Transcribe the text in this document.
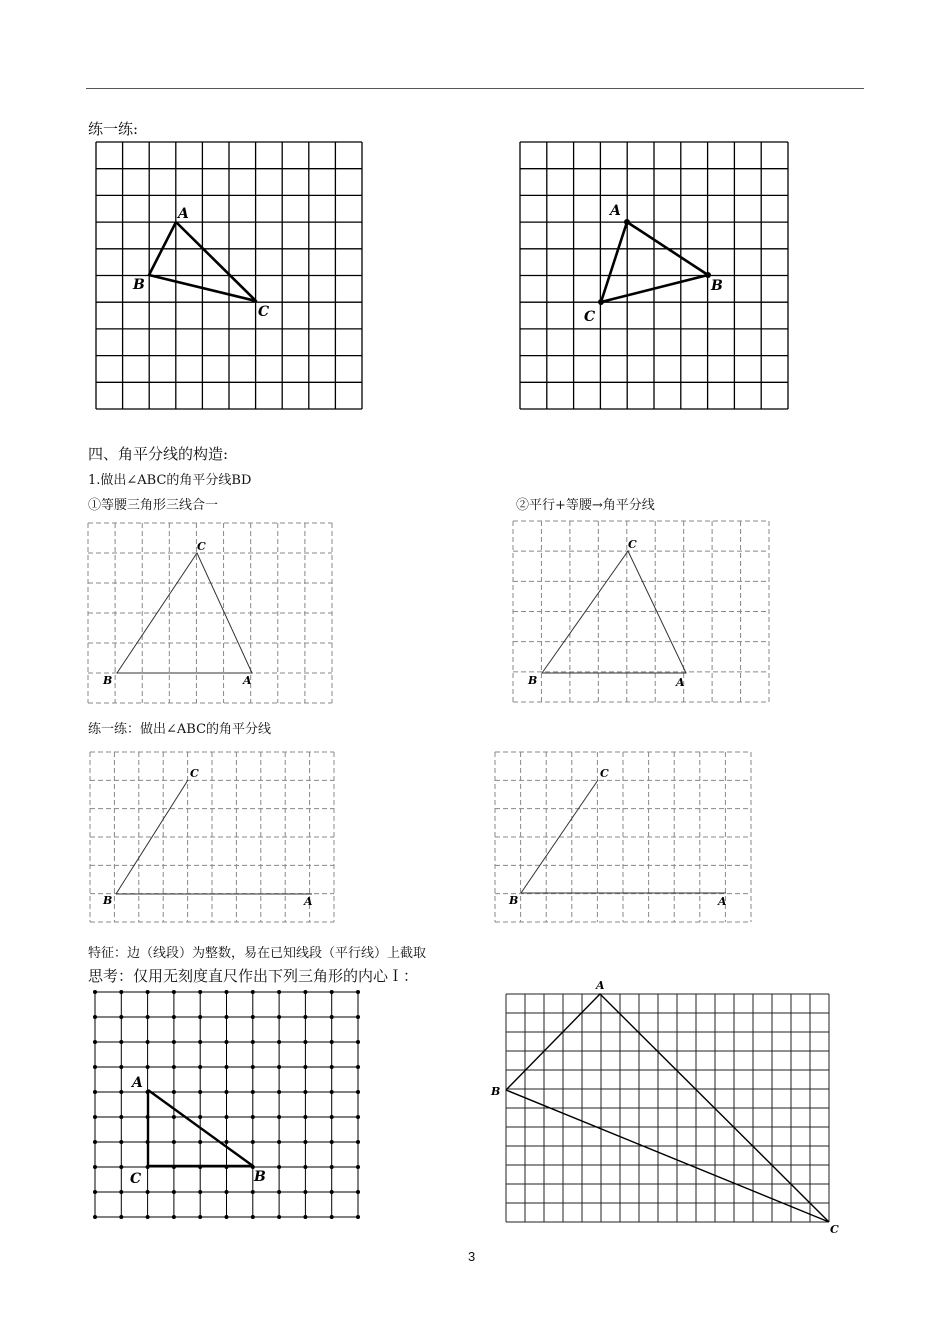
练一练:
四、角平分线的构造:
1.做出∠ABC的角平分线BD
①等腰三角形三线合一	②平行+等腰→角平分线
练一练：做出∠ABC的角平分线
特征：边（线段）为整数，易在已知线段（平行线）上截取
思考：仅用无刻度直尺作出下列三角形的内心Ｉ：
A
B
C
A
B
C
C
B	A
C
B	A
C
B	A
C
B	A
A
B
C
A
B
C
3
